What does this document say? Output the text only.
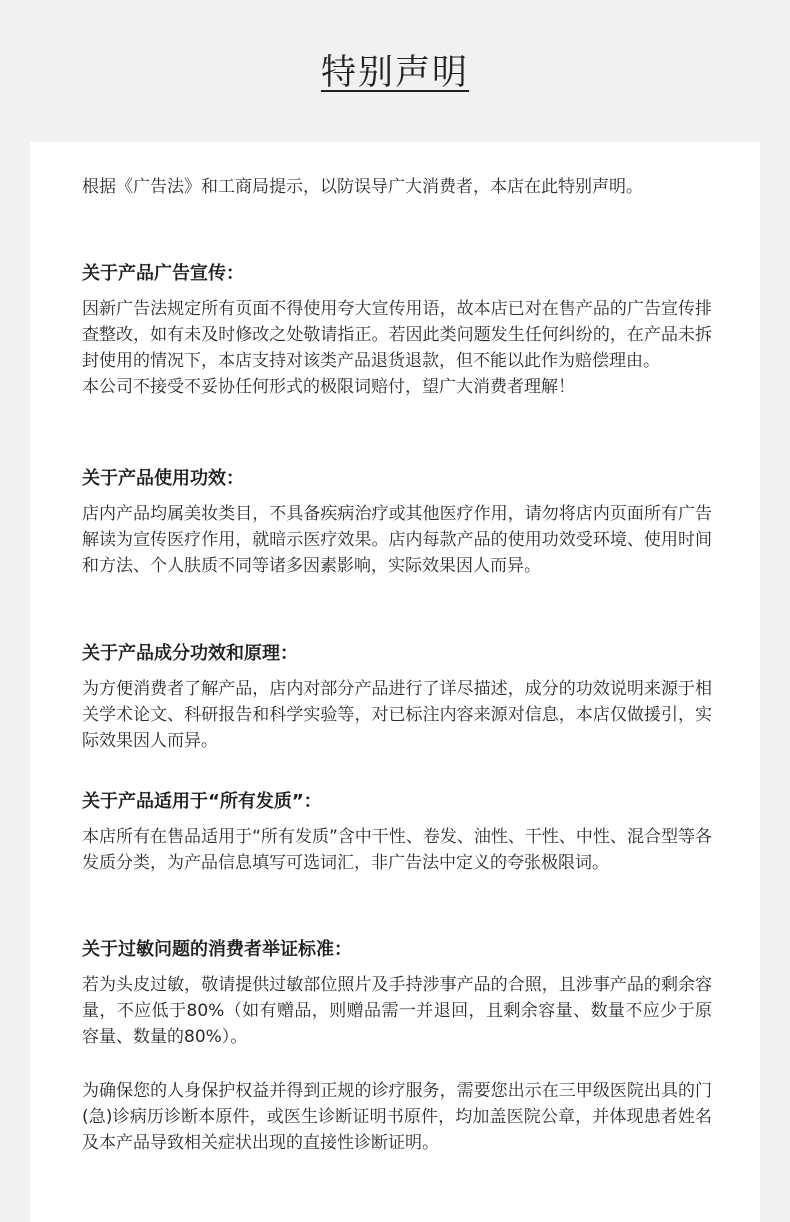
特别声明

根据《广告法》和工商局提示，以防误导广大消费者，本店在此特别声明。

关于产品广告宣传：

因新广告法规定所有页面不得使用夸大宣传用语，故本店已对在售产品的广告宣传排查整改，如有未及时修改之处敬请指正。若因此类问题发生任何纠纷的，在产品未拆封使用的情况下，本店支持对该类产品退货退款，但不能以此作为赔偿理由。

本公司不接受不妥协任何形式的极限词赔付，望广大消费者理解！

关于产品使用功效：

店内产品均属美妆类目，不具备疾病治疗或其他医疗作用，请勿将店内页面所有广告解读为宣传医疗作用，就暗示医疗效果。店内每款产品的使用功效受环境、使用时间和方法、个人肤质不同等诸多因素影响，实际效果因人而异。

关于产品成分功效和原理：

为方便消费者了解产品，店内对部分产品进行了详尽描述，成分的功效说明来源于相关学术论文、科研报告和科学实验等，对已标注内容来源对信息，本店仅做援引，实际效果因人而异。

关于产品适用于“所有发质”：

本店所有在售品适用于“所有发质”含中干性、卷发、油性、干性、中性、混合型等各发质分类，为产品信息填写可选词汇，非广告法中定义的夸张极限词。

关于过敏问题的消费者举证标准：

若为头皮过敏，敬请提供过敏部位照片及手持涉事产品的合照，且涉事产品的剩余容量，不应低于80%（如有赠品，则赠品需一并退回，且剩余容量、数量不应少于原容量、数量的80%）。

为确保您的人身保护权益并得到正规的诊疗服务，需要您出示在三甲级医院出具的门(急)诊病历诊断本原件，或医生诊断证明书原件，均加盖医院公章，并体现患者姓名及本产品导致相关症状出现的直接性诊断证明。
